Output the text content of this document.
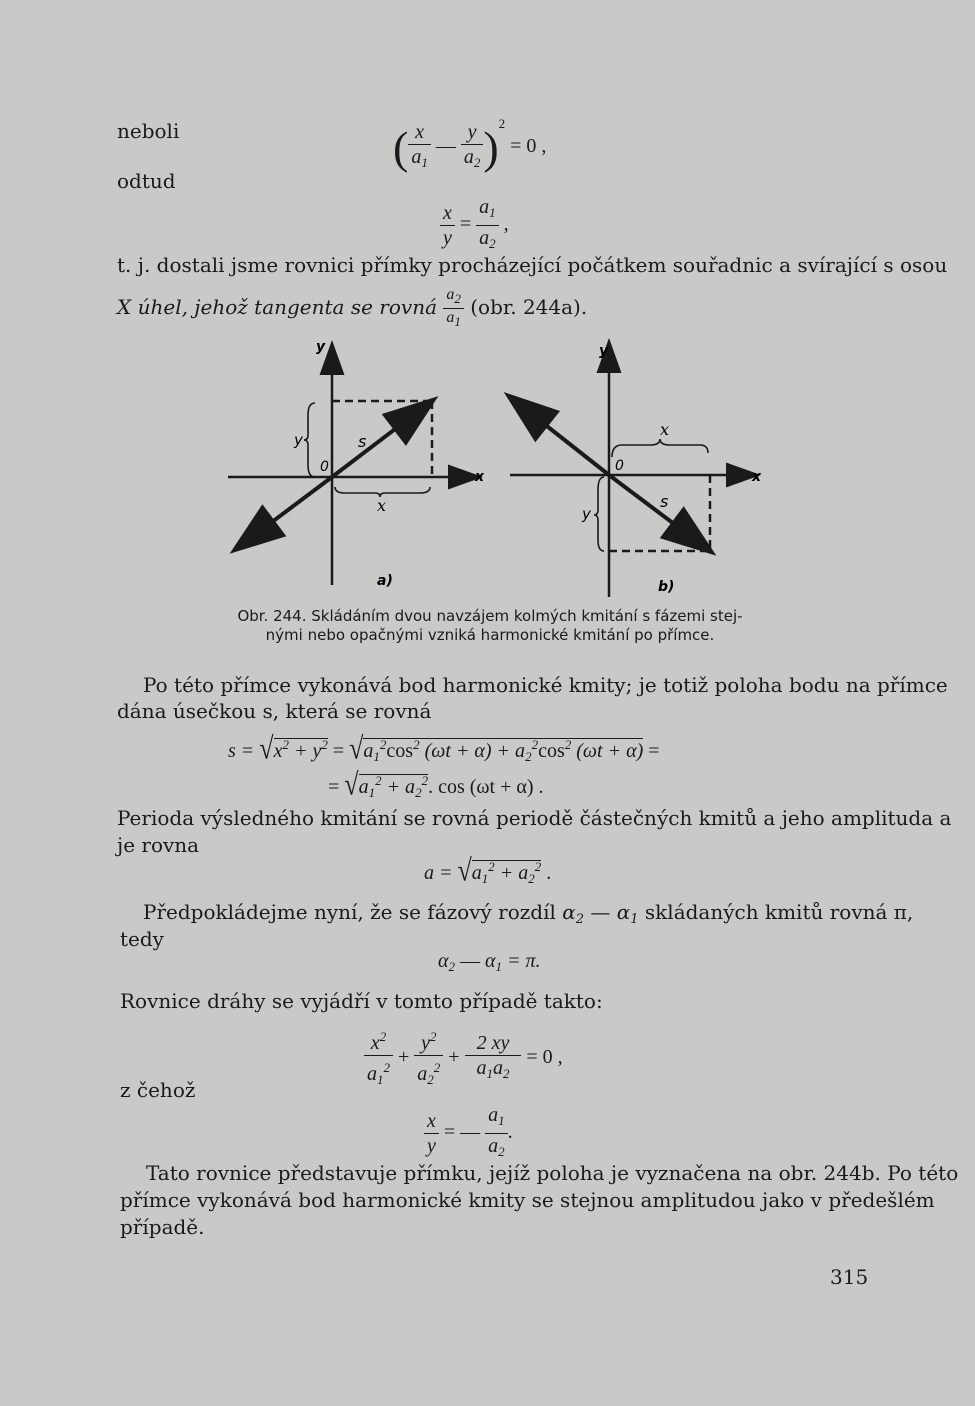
neboli	( $\frac{x}{a_1}$ — $\frac{y}{a_2} )^2 = 0$ ,
odtud
$\frac{x}{y} = \frac{a_1}{a_2}$ ,
t. j. dostali jsme rovnici přímky procházející počátkem souřadnic a svírající s osou
X úhel, jehož tangenta se rovná $\frac{a_2}{a_1} (obr$. 244a).
y
x
0
s
x
y
a)
y
x
0
s
x
y
b)
Obr. 244. Skládáním dvou navzájem kolmých kmitání s fázemi stej-
nými nebo opačnými vzniká harmonické kmitání po přímce.
Po této přímce vykonává bod harmonické kmity; je totiž poloha bodu na přímce
dána úsečkou s, která se rovná
$s = √x^2 + y^2 = √a_1^2\cos^2$ $(\omega t + \alpha) + a_2^2\cos^2$ (ωt + α) =
= $√a_1^2 + a_2^2$. cos (ωt + α) .
Perioda výsledného kmitání se rovná periodě částečných kmitů a jeho amplituda a
je rovna
$a = √a_1^2 + a_2^2$ .
Předpokládejme nyní, že se fázový rozdíl $\alpha_2$ — $\alpha_1$ skládaných kmitů rovná π,
tedy
$\alpha_2$ — $\alpha_1 = \pi$.
Rovnice dráhy se vyjádří v tomto případě takto:
$\frac{x^2}{a_1^2} + \frac{y^2}{a_2^2} + \frac{2 xy}{a_1a_2} = 0$ ,
z čehož
$\frac{x}{y}$ = — $\frac{a_1}{a_2}$ .
Tato rovnice představuje přímku, jejíž poloha je vyznačena na obr. 244b. Po této
přímce vykonává bod harmonické kmity se stejnou amplitudou jako v předešlém
případě.
315
